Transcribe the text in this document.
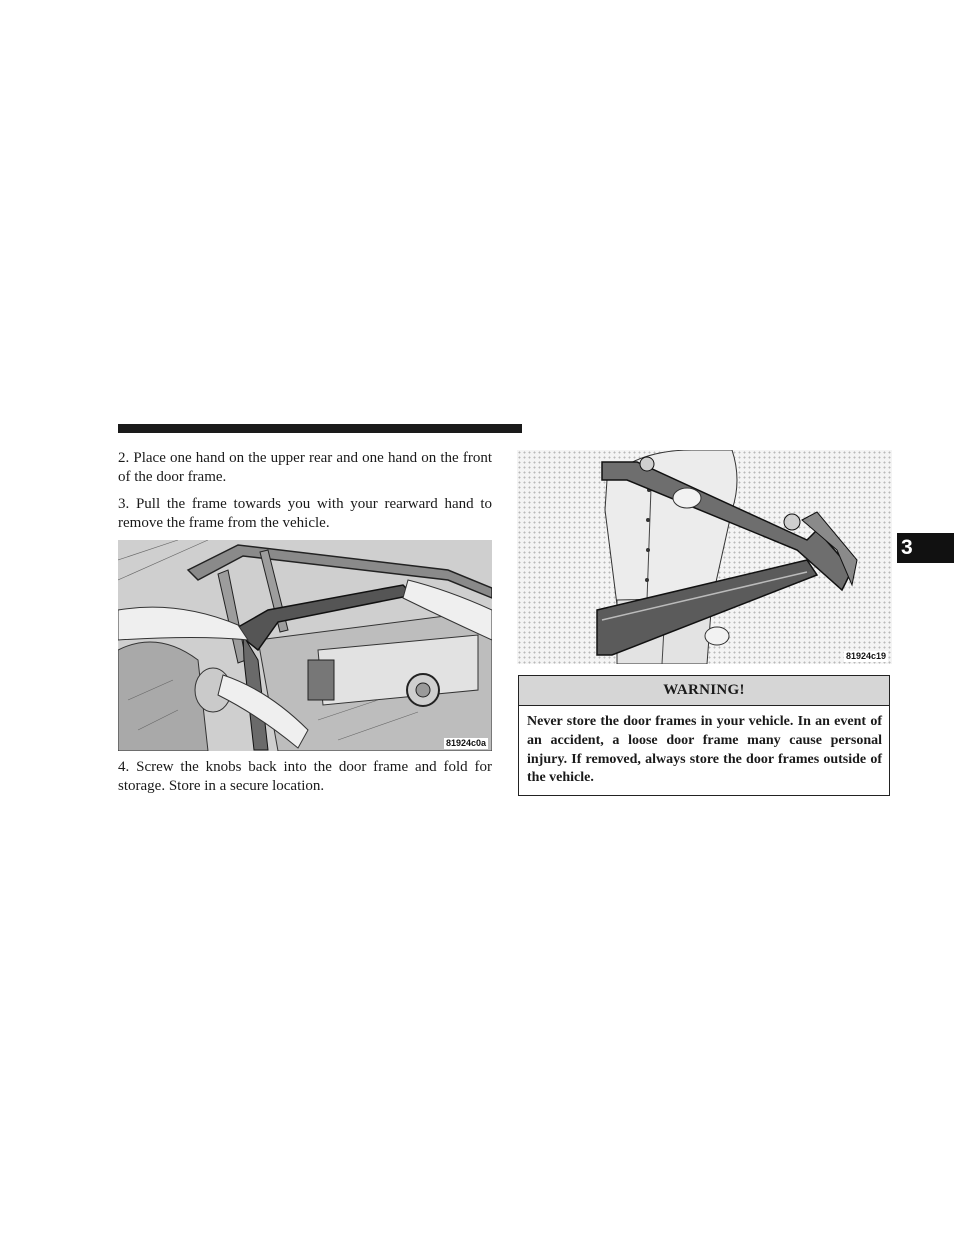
2. Place one hand on the upper rear and one hand on the front of the door frame.

3. Pull the frame towards you with your rearward hand to remove the frame from the vehicle.

81924c0a

4. Screw the knobs back into the door frame and fold for storage. Store in a secure location.

81924c19
WARNING!
Never store the door frames in your vehicle. In an event of an accident, a loose door frame many cause personal injury. If removed, always store the door frames outside of the vehicle.
3
